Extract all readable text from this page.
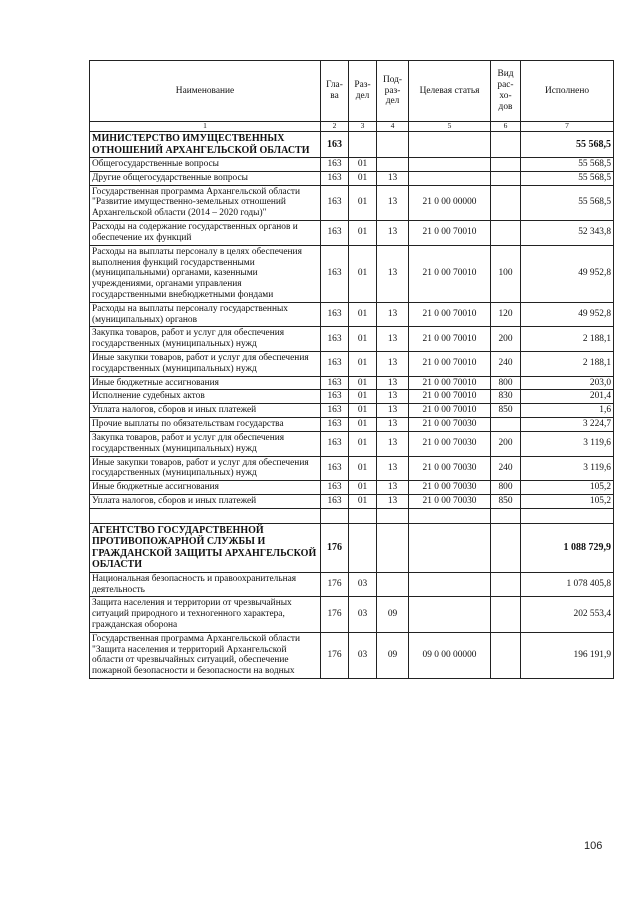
Наименование	Гла-ва	Раз-дел	Под-раз-дел	Целевая статья	Вид рас-хо-дов	Исполнено
1	2	3	4	5	6	7
МИНИСТЕРСТВО ИМУЩЕСТВЕННЫХ ОТНОШЕНИЙ АРХАНГЕЛЬСКОЙ ОБЛАСТИ	163					55 568,5
Общегосударственные вопросы	163	01				55 568,5
Другие общегосударственные вопросы	163	01	13			55 568,5
Государственная программа Архангельской области "Развитие имущественно-земельных отношений Архангельской области (2014 – 2020 годы)"	163	01	13	21 0 00 00000		55 568,5
Расходы на содержание государственных органов и обеспечение их функций	163	01	13	21 0 00 70010		52 343,8
Расходы на выплаты персоналу в целях обеспечения выполнения функций государственными (муниципальными) органами, казенными учреждениями, органами управления государственными внебюджетными фондами	163	01	13	21 0 00 70010	100	49 952,8
Расходы на выплаты персоналу государственных (муниципальных) органов	163	01	13	21 0 00 70010	120	49 952,8
Закупка товаров, работ и услуг для обеспечения государственных (муниципальных) нужд	163	01	13	21 0 00 70010	200	2 188,1
Иные закупки товаров, работ и услуг для обеспечения государственных (муниципальных) нужд	163	01	13	21 0 00 70010	240	2 188,1
Иные бюджетные ассигнования	163	01	13	21 0 00 70010	800	203,0
Исполнение судебных актов	163	01	13	21 0 00 70010	830	201,4
Уплата налогов, сборов и иных платежей	163	01	13	21 0 00 70010	850	1,6
Прочие выплаты по обязательствам государства	163	01	13	21 0 00 70030		3 224,7
Закупка товаров, работ и услуг для обеспечения государственных (муниципальных) нужд	163	01	13	21 0 00 70030	200	3 119,6
Иные закупки товаров, работ и услуг для обеспечения государственных (муниципальных) нужд	163	01	13	21 0 00 70030	240	3 119,6
Иные бюджетные ассигнования	163	01	13	21 0 00 70030	800	105,2
Уплата налогов, сборов и иных платежей	163	01	13	21 0 00 70030	850	105,2

АГЕНТСТВО ГОСУДАРСТВЕННОЙ ПРОТИВОПОЖАРНОЙ СЛУЖБЫ И ГРАЖДАНСКОЙ ЗАЩИТЫ АРХАНГЕЛЬСКОЙ ОБЛАСТИ	176					1 088 729,9
Национальная безопасность и правоохранительная деятельность	176	03				1 078 405,8
Защита населения и территории от чрезвычайных ситуаций природного и техногенного характера, гражданская оборона	176	03	09			202 553,4
Государственная программа Архангельской области "Защита населения и территорий Архангельской области от чрезвычайных ситуаций, обеспечение пожарной безопасности и безопасности на водных	176	03	09	09 0 00 00000		196 191,9
106
